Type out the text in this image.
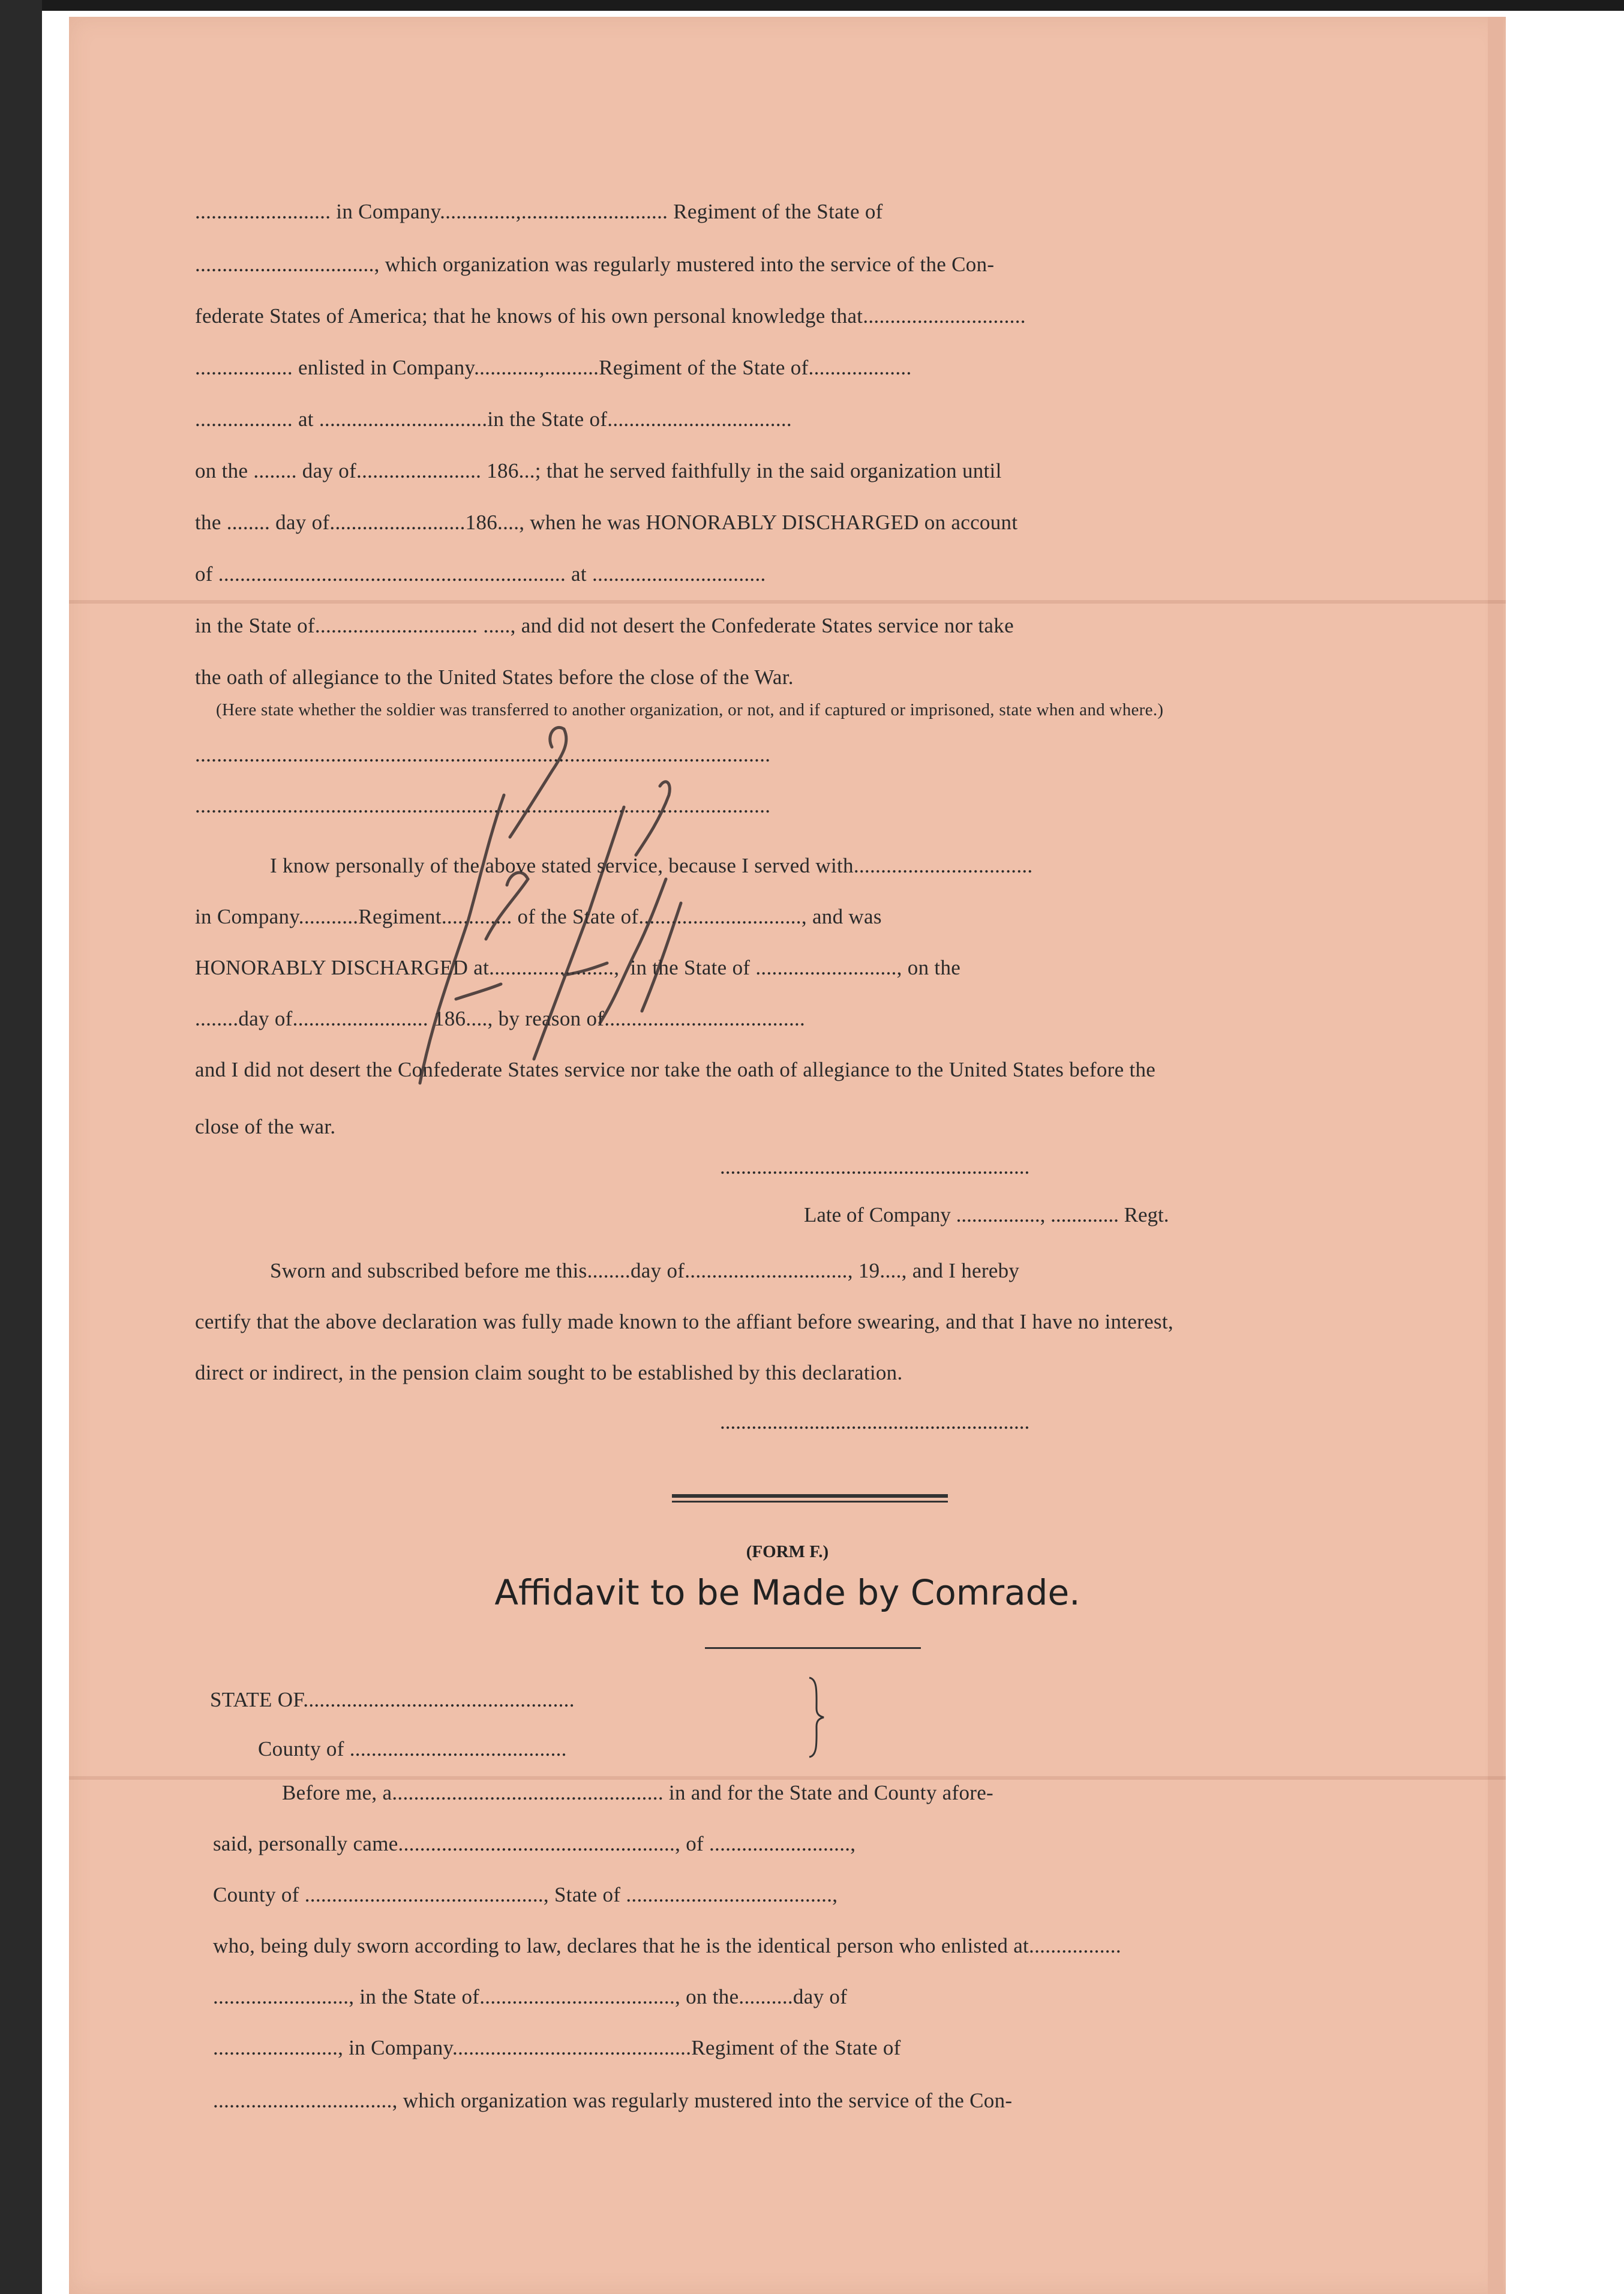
......................... in Company..............,........................... Regiment of the State of
................................., which organization was regularly mustered into the service of the Con-
federate States of America; that he knows of his own personal knowledge that..............................
.................. enlisted in Company............,..........Regiment of the State of...................
.................. at ...............................in the State of..................................
on the ........ day of....................... 186...; that he served faithfully in the said organization until
the ........ day of.........................186...., when he was HONORABLY DISCHARGED on account
of ................................................................ at ................................
in the State of.............................. ....., and did not desert the Confederate States service nor take
the oath of allegiance to the United States before the close of the War.
(Here state whether the soldier was transferred to another organization, or not, and if captured or imprisoned, state when and where.)
..........................................................................................................
..........................................................................................................
I know personally of the above stated service, because I served with.................................
in Company...........Regiment............. of the State of.............................., and was
HONORABLY DISCHARGED at.......................,  in the State of .........................., on the
........day of......................... 186...., by reason of.....................................
and I did not desert the Confederate States service nor take the oath of allegiance to the United States before the
close of the war.
...........................................................
Late of Company ................, ............. Regt.
Sworn and subscribed before me this........day of.............................., 19...., and I hereby
certify that the above declaration was fully made known to the affiant before swearing, and that I have no interest,
direct or indirect, in the pension claim sought to be established by this declaration.
...........................................................
(FORM F.)
Affidavit to be Made by Comrade.
STATE OF..................................................
County of ........................................
Before me, a.................................................. in and for the State and County afore-
said, personally came..................................................., of ..........................,
County of ............................................, State of ......................................,
who, being duly sworn according to law, declares that he is the identical person who enlisted at.................
........................., in the State of...................................., on the..........day of
......................., in Company............................................Regiment of the State of
................................., which organization was regularly mustered into the service of the Con-
